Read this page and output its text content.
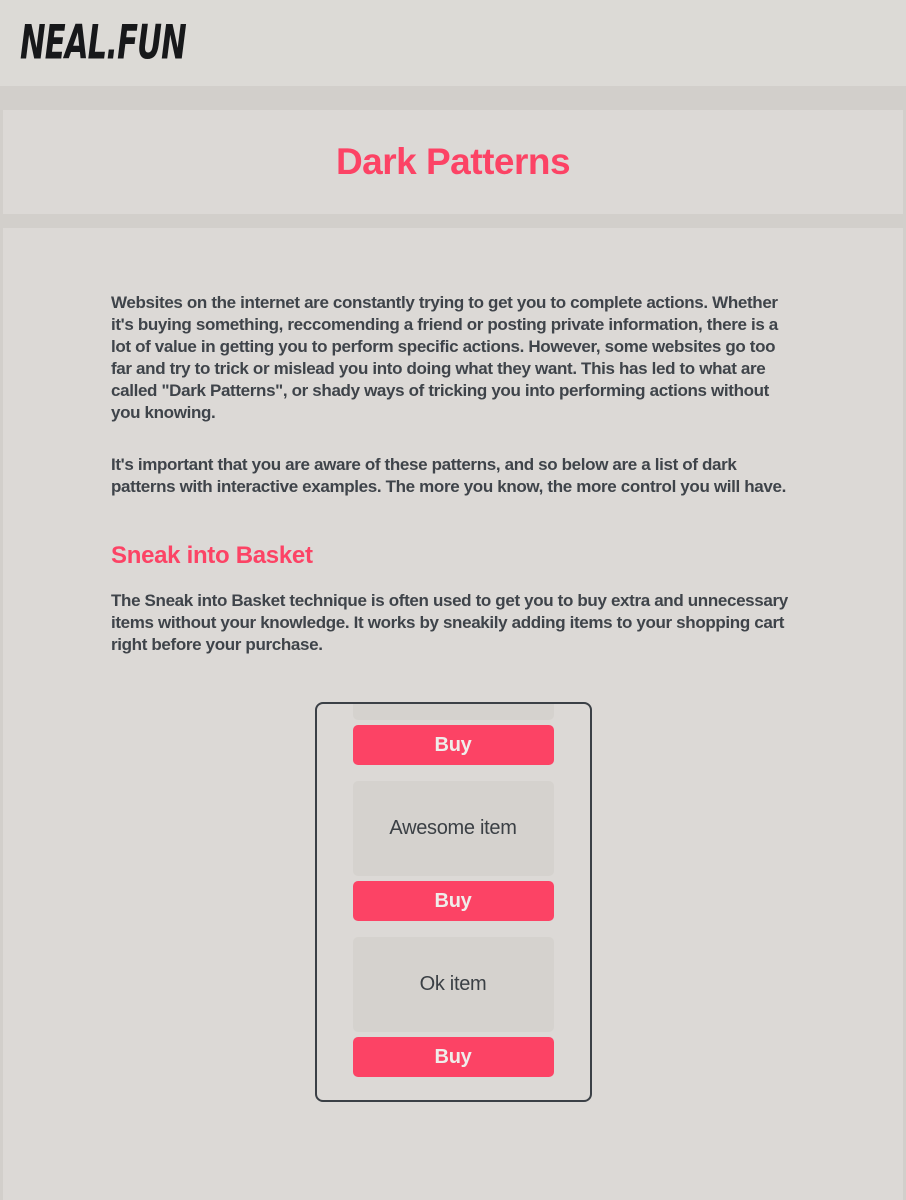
NEAL.FUN
Dark Patterns

Websites on the internet are constantly trying to get you to complete actions. Whether it's buying something, reccomending a friend or posting private information, there is a lot of value in getting you to perform specific actions. However, some websites go too far and try to trick or mislead you into doing what they want. This has led to what are called "Dark Patterns", or shady ways of tricking you into performing actions without you knowing.

It's important that you are aware of these patterns, and so below are a list of dark patterns with interactive examples. The more you know, the more control you will have.

Sneak into Basket

The Sneak into Basket technique is often used to get you to buy extra and unnecessary items without your knowledge. It works by sneakily adding items to your shopping cart right before your purchase.

Buy
Awesome item
Buy
Ok item
Buy
